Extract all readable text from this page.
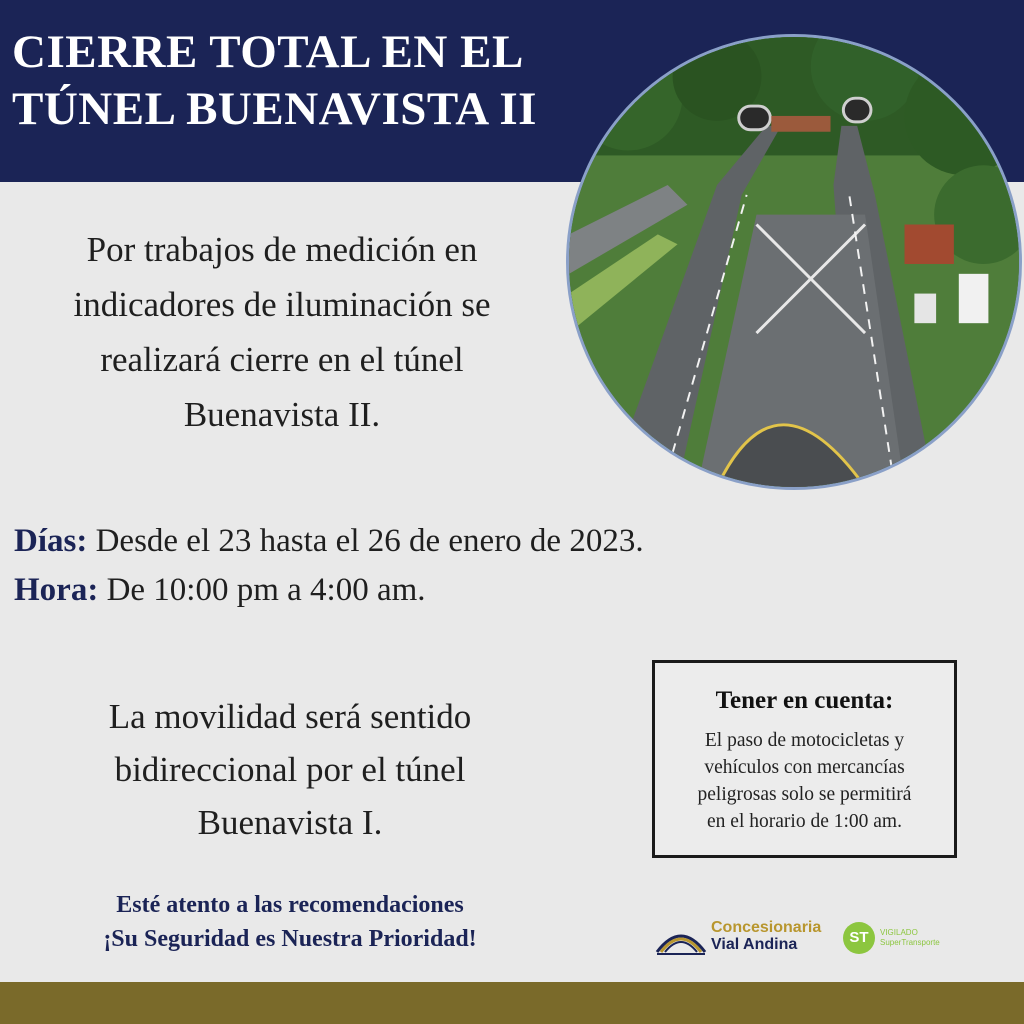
CIERRE TOTAL EN EL
TÚNEL BUENAVISTA II
Por trabajos de medición en
indicadores de iluminación se
realizará cierre en el túnel
Buenavista II.
Días: Desde el 23 hasta el 26 de enero de 2023.
Hora: De 10:00 pm a 4:00 am.
La movilidad será sentido
bidireccional por el túnel
Buenavista I.
Tener en cuenta:
El paso de motocicletas y
vehículos con mercancías
peligrosas solo se permitirá
en el horario de 1:00 am.
Esté atento a las recomendaciones
¡Su Seguridad es Nuestra Prioridad!	Concesionaria
Vial Andina	ST	VIGILADO
SuperTransporte
